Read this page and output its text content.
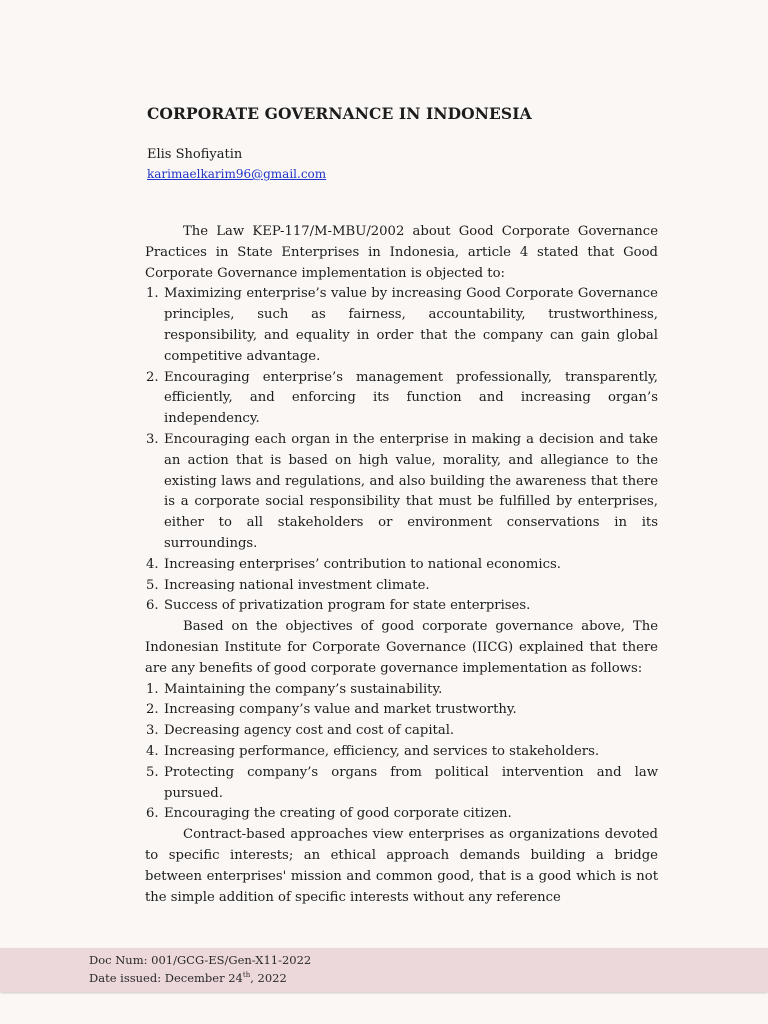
CORPORATE GOVERNANCE IN INDONESIA
Elis Shofiyatin
karimaelkarim96@gmail.com

The Law KEP-117/M-MBU/2002 about Good Corporate Governance Practices in State Enterprises in Indonesia, article 4 stated that Good Corporate Governance implementation is objected to:

1. Maximizing enterprise’s value by increasing Good Corporate Governance principles, such as fairness, accountability, trustworthiness, responsibility, and equality in order that the company can gain global competitive advantage.
2. Encouraging enterprise’s management professionally, transparently, efficiently, and enforcing its function and increasing organ’s independency.
3. Encouraging each organ in the enterprise in making a decision and take an action that is based on high value, morality, and allegiance to the existing laws and regulations, and also building the awareness that there is a corporate social responsibility that must be fulfilled by enterprises, either to all stakeholders or environment conservations in its surroundings.
4. Increasing enterprises’ contribution to national economics.
5. Increasing national investment climate.
6. Success of privatization program for state enterprises.

Based on the objectives of good corporate governance above, The Indonesian Institute for Corporate Governance (IICG) explained that there are any benefits of good corporate governance implementation as follows:

1. Maintaining the company’s sustainability.
2. Increasing company’s value and market trustworthy.
3. Decreasing agency cost and cost of capital.
4. Increasing performance, efficiency, and services to stakeholders.
5. Protecting company’s organs from political intervention and law pursued.
6. Encouraging the creating of good corporate citizen.

Contract-based approaches view enterprises as organizations devoted to specific interests; an ethical approach demands building a bridge between enterprises' mission and common good, that is a good which is not the simple addition of specific interests without any reference

Doc Num: 001/GCG-ES/Gen-X11-2022
Date issued: December 24th, 2022
